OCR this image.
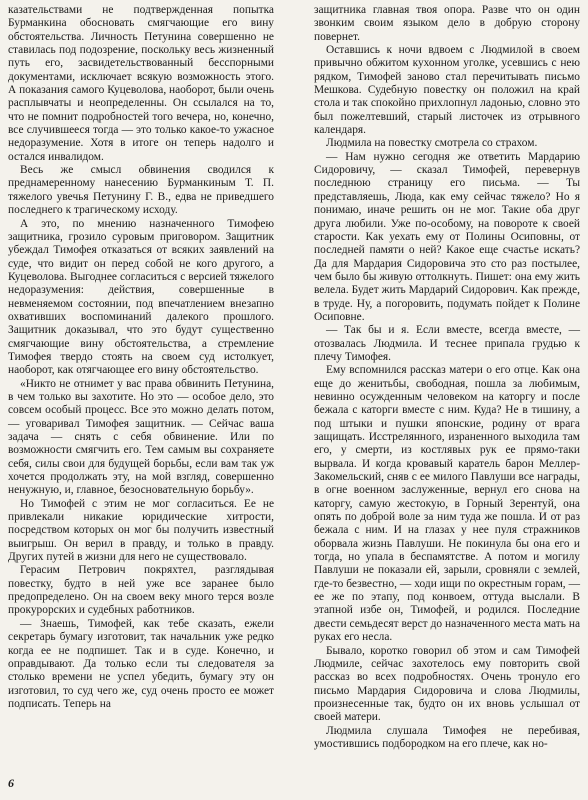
казательствами не подтвержденная попытка Бурманкина обосновать смягчающие его вину обстоятельства. Личность Петунина совершенно не ставилась под подозрение, поскольку весь жизненный путь его, засвидетельствованный бесспорными документами, исключает всякую возможность этого. А показания самого Куцеволова, наоборот, были очень расплывчаты и неопределенны. Он ссылался на то, что не помнит подробностей того вечера, но, конечно, все случившееся тогда — это только какое-то ужасное недоразумение. Хотя в итоге он теперь надолго и остался инвалидом.

Весь же смысл обвинения сводился к преднамеренному нанесению Бурманкиным Т. П. тяжелого увечья Петунину Г. В., едва не приведшего последнего к трагическому исходу.

А это, по мнению назначенного Тимофею защитника, грозило суровым приговором. Защитник убеждал Тимофея отказаться от всяких заявлений на суде, что видит он перед собой не кого другого, а Куцеволова. Выгоднее согласиться с версией тяжелого недоразумения: действия, совершенные в невменяемом состоянии, под впечатлением внезапно охвативших воспоминаний далекого прошлого. Защитник доказывал, что это будут существенно смягчающие вину обстоятельства, а стремление Тимофея твердо стоять на своем суд истолкует, наоборот, как отягчающее его вину обстоятельство.

«Никто не отнимет у вас права обвинить Петунина, в чем только вы захотите. Но это — особое дело, это совсем особый процесс. Все это можно делать потом, — уговаривал Тимофея защитник. — Сейчас ваша задача — снять с себя обвинение. Или по возможности смягчить его. Тем самым вы сохраняете себя, силы свои для будущей борьбы, если вам так уж хочется продолжать эту, на мой взгляд, совершенно ненужную, и, главное, безосновательную борьбу».

Но Тимофей с этим не мог согласиться. Ее не привлекали никакие юридические хитрости, посредством которых он мог бы получить известный выигрыш. Он верил в правду, и только в правду. Других путей в жизни для него не существовало.

Герасим Петрович покряхтел, разглядывая повестку, будто в ней уже все заранее было предопределено. Он на своем веку много терся возле прокурорских и судебных работников.

— Знаешь, Тимофей, как тебе сказать, ежели секретарь бумагу изготовит, так начальник уже редко когда ее не подпишет. Так и в суде. Конечно, и оправдывают. Да только если ты следователя за столько времени не успел убедить, бумагу эту он изготовил, то суд чего же, суд очень просто ее может подписать. Теперь на

защитника главная твоя опора. Разве что он один звонким своим языком дело в добрую сторону повернет.

Оставшись к ночи вдвоем с Людмилой в своем привычно обжитом кухонном уголке, усевшись с нею рядком, Тимофей заново стал перечитывать письмо Мешкова. Судебную повестку он положил на край стола и так спокойно прихлопнул ладонью, словно это был пожелтевший, старый листочек из отрывного календаря.

Людмила на повестку смотрела со страхом.

— Нам нужно сегодня же ответить Мардарию Сидоровичу, — сказал Тимофей, перевернув последнюю страницу его письма. — Ты представляешь, Люда, как ему сейчас тяжело? Но я понимаю, иначе решить он не мог. Такие оба друг друга любили. Уже по-особому, на повороте к своей старости. Как уехать ему от Полины Осиповны, от последней памяти о ней? Какое еще счастье искать? Да для Мардария Сидоровича это сто раз постылее, чем было бы живую оттолкнуть. Пишет: она ему жить велела. Будет жить Мардарий Сидорович. Как прежде, в труде. Ну, а погоровить, подумать пойдет к Полине Осиповне.

— Так бы и я. Если вместе, всегда вместе, — отозвалась Людмила. И теснее припала грудью к плечу Тимофея.

Ему вспомнился рассказ матери о его отце. Как она еще до женитьбы, свободная, пошла за любимым, невинно осужденным человеком на каторгу и после бежала с каторги вместе с ним. Куда? Не в тишину, а под штыки и пушки японские, родину от врага защищать. Исстрелянного, израненного выходила там его, у смерти, из костлявых рук ее прямо-таки вырвала. И когда кровавый каратель барон Меллер-Закомельский, сняв с ее милого Павлуши все награды, в огне военном заслуженные, вернул его снова на каторгу, самую жестокую, в Горный Зерентуй, она опять по доброй воле за ним туда же пошла. И от раз бежала с ним. И на глазах у нее пуля стражников оборвала жизнь Павлуши. Не покинула бы она его и тогда, но упала в беспамятстве. А потом и могилу Павлуши не показали ей, зарыли, сровняли с землей, где-то безвестно, — ходи ищи по окрестным горам, — ее же по этапу, под конвоем, оттуда выслали. В этапной избе он, Тимофей, и родился. Последние двести семьдесят верст до назначенного места мать на руках его несла.

Бывало, коротко говорил об этом и сам Тимофей Людмиле, сейчас захотелось ему повторить свой рассказ во всех подробностях. Очень тронуло его письмо Мардария Сидоровича и слова Людмилы, произнесенные так, будто он их вновь услышал от своей матери.

Людмила слушала Тимофея не перебивая, умостившись подбородком на его плече, как но-

6
